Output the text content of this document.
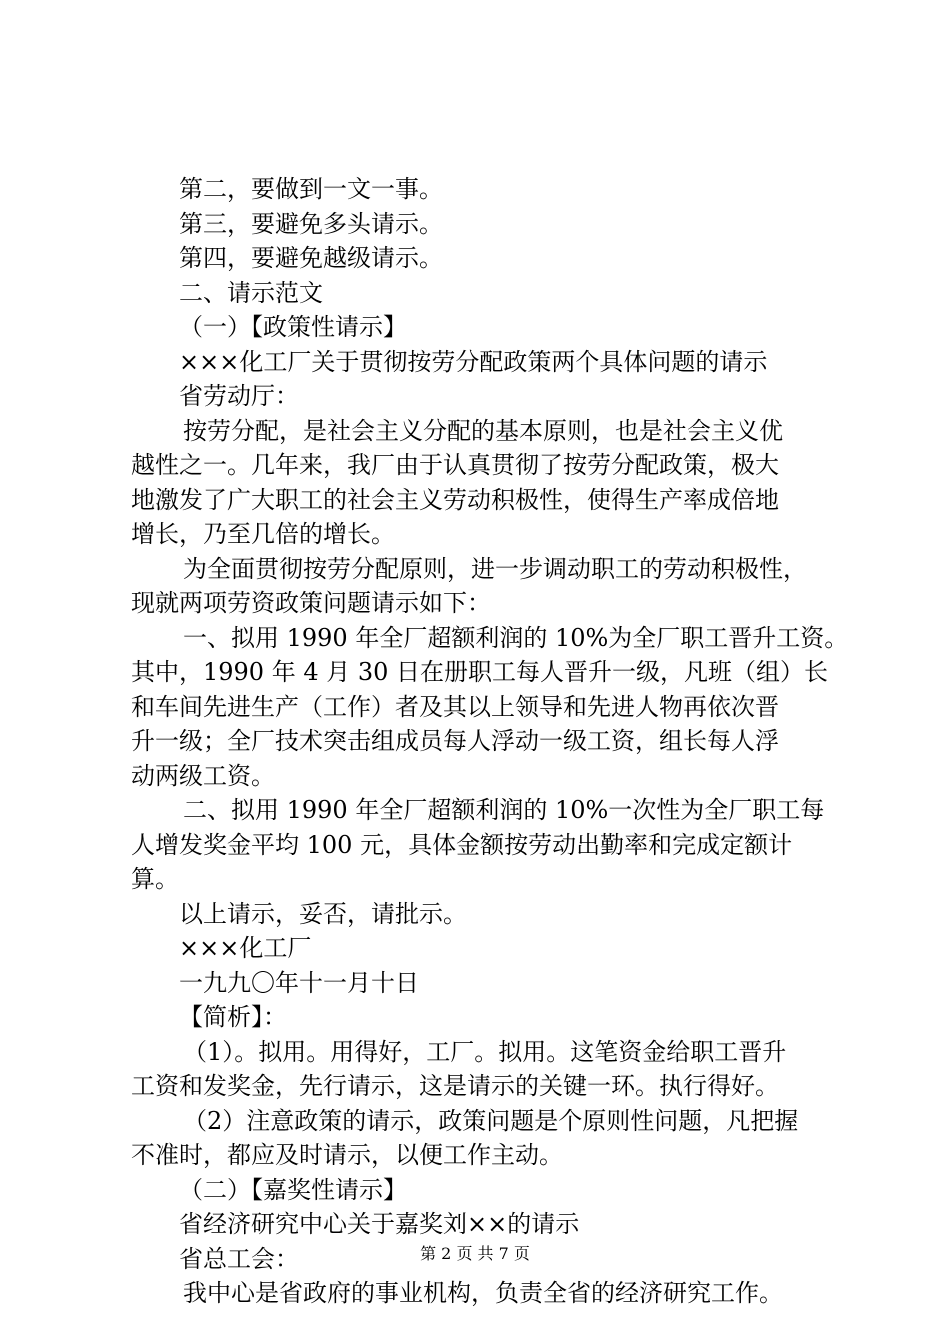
第二，要做到一文一事。
第三，要避免多头请示。
第四，要避免越级请示。
二、请示范文
（一）【政策性请示】
×××化工厂关于贯彻按劳分配政策两个具体问题的请示
省劳动厅：
按劳分配，是社会主义分配的基本原则，也是社会主义优
越性之一。几年来，我厂由于认真贯彻了按劳分配政策，极大
地激发了广大职工的社会主义劳动积极性，使得生产率成倍地
增长，乃至几倍的增长。
为全面贯彻按劳分配原则，进一步调动职工的劳动积极性，
现就两项劳资政策问题请示如下：
一、拟用 1990 年全厂超额利润的 10%为全厂职工晋升工资。
其中，1990 年 4 月 30 日在册职工每人晋升一级，凡班（组）长
和车间先进生产（工作）者及其以上领导和先进人物再依次晋
升一级；全厂技术突击组成员每人浮动一级工资，组长每人浮
动两级工资。
二、拟用 1990 年全厂超额利润的 10%一次性为全厂职工每
人增发奖金平均 100 元，具体金额按劳动出勤率和完成定额计
算。
以上请示，妥否，请批示。
×××化工厂
一九九〇年十一月十日
【简析】：
（1）。拟用。用得好，工厂。拟用。这笔资金给职工晋升
工资和发奖金，先行请示，这是请示的关键一环。执行得好。
（2）注意政策的请示，政策问题是个原则性问题，凡把握
不准时，都应及时请示，以便工作主动。
（二）【嘉奖性请示】
省经济研究中心关于嘉奖刘××的请示
省总工会：
我中心是省政府的事业机构，负责全省的经济研究工作。
第 2 页 共 7 页
